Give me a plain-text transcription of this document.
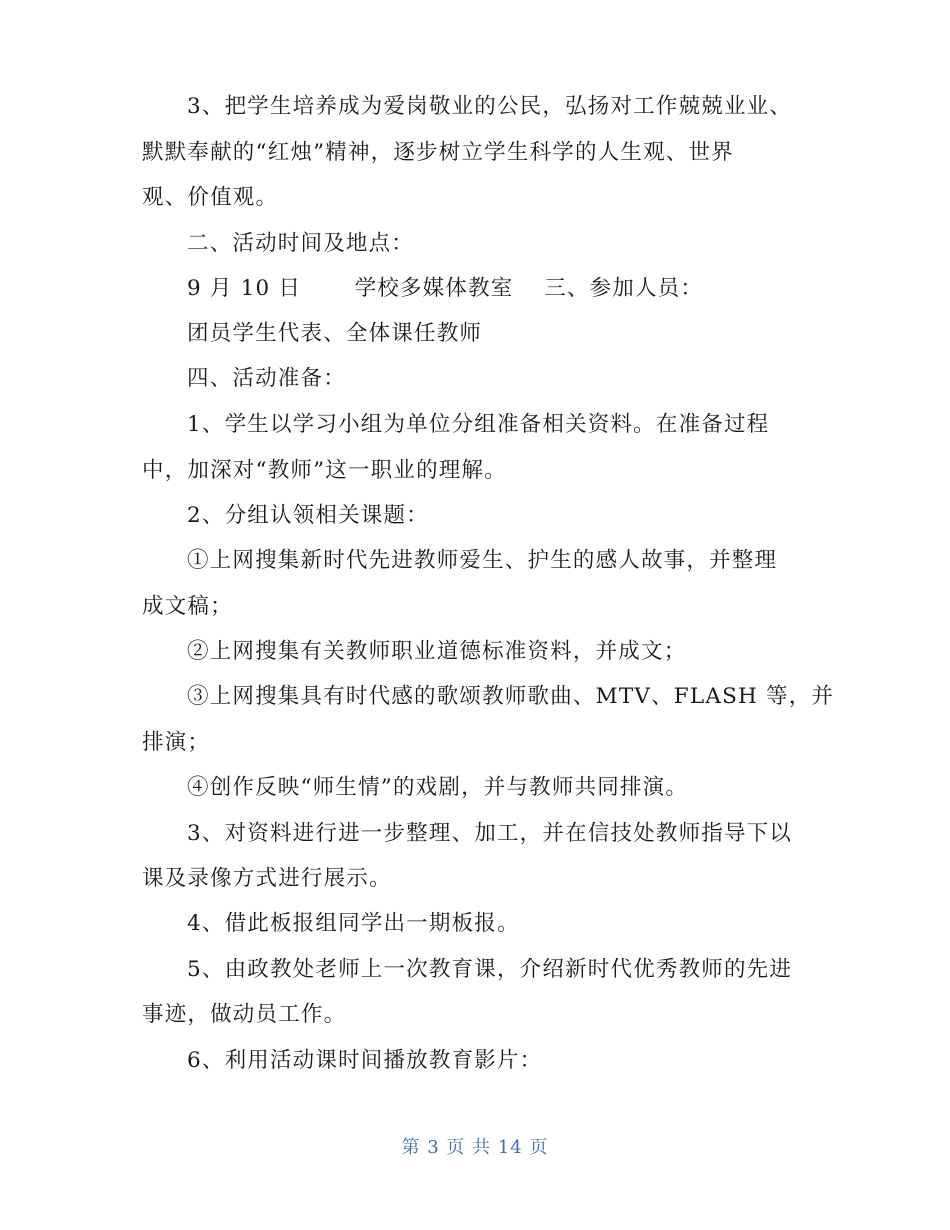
3、把学生培养成为爱岗敬业的公民，弘扬对工作兢兢业业、
默默奉献的“红烛”精神，逐步树立学生科学的人生观、世界
观、价值观。
二、活动时间及地点：
9 月 10 日　　 学校多媒体教室　 三、参加人员：
团员学生代表、全体课任教师
四、活动准备：
1、学生以学习小组为单位分组准备相关资料。在准备过程
中，加深对“教师”这一职业的理解。
2、分组认领相关课题：
①上网搜集新时代先进教师爱生、护生的感人故事，并整理
成文稿；
②上网搜集有关教师职业道德标准资料，并成文；
③上网搜集具有时代感的歌颂教师歌曲、MTV、FLASH 等，并
排演；
④创作反映“师生情”的戏剧，并与教师共同排演。
3、对资料进行进一步整理、加工，并在信技处教师指导下以
课及录像方式进行展示。
4、借此板报组同学出一期板报。
5、由政教处老师上一次教育课，介绍新时代优秀教师的先进
事迹，做动员工作。
6、利用活动课时间播放教育影片：
第 3 页 共 14 页
